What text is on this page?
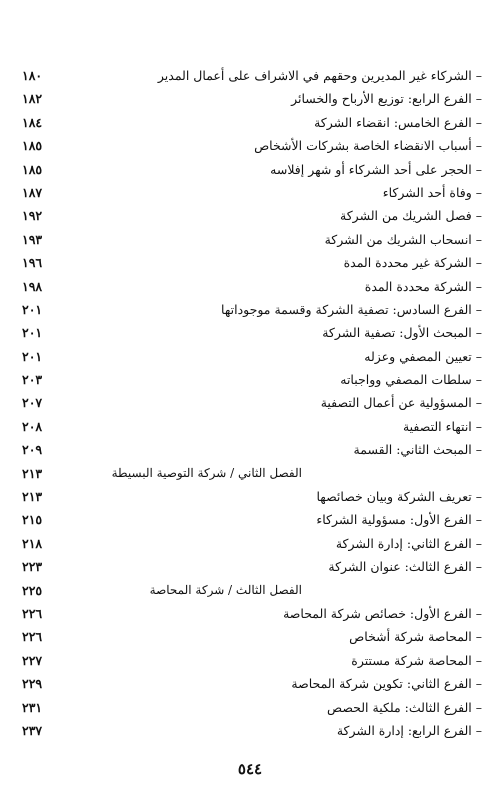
– الشركاء غير المديرين وحقهم في الاشراف على أعمال المدير
١٨٠
– الفرع الرابع: توزيع الأرباح والخسائر
١٨٢
– الفرع الخامس: انقضاء الشركة
١٨٤
– أسباب الانقضاء الخاصة بشركات الأشخاص
١٨٥
– الحجر على أحد الشركاء أو شهر إفلاسه
١٨٥
– وفاة أحد الشركاء
١٨٧
– فصل الشريك من الشركة
١٩٢
– انسحاب الشريك من الشركة
١٩٣
– الشركة غير محددة المدة
١٩٦
– الشركة محددة المدة
١٩٨
– الفرع السادس: تصفية الشركة وقسمة موجوداتها
٢٠١
– المبحث الأول: تصفية الشركة
٢٠١
– تعيين المصفي وعزله
٢٠١
– سلطات المصفي وواجباته
٢٠٣
– المسؤولية عن أعمال التصفية
٢٠٧
– انتهاء التصفية
٢٠٨
– المبحث الثاني: القسمة
٢٠٩
الفصل الثاني / شركة التوصية البسيطة
٢١٣
– تعريف الشركة وبيان خصائصها
٢١٣
– الفرع الأول: مسؤولية الشركاء
٢١٥
– الفرع الثاني: إدارة الشركة
٢١٨
– الفرع الثالث: عنوان الشركة
٢٢٣
الفصل الثالث / شركة المحاصة
٢٢٥
– الفرع الأول: خصائص شركة المحاصة
٢٢٦
– المحاصة شركة أشخاص
٢٢٦
– المحاصة شركة مستترة
٢٢٧
– الفرع الثاني: تكوين شركة المحاصة
٢٢٩
– الفرع الثالث: ملكية الحصص
٢٣١
– الفرع الرابع: إدارة الشركة
٢٣٧
٥٤٤
